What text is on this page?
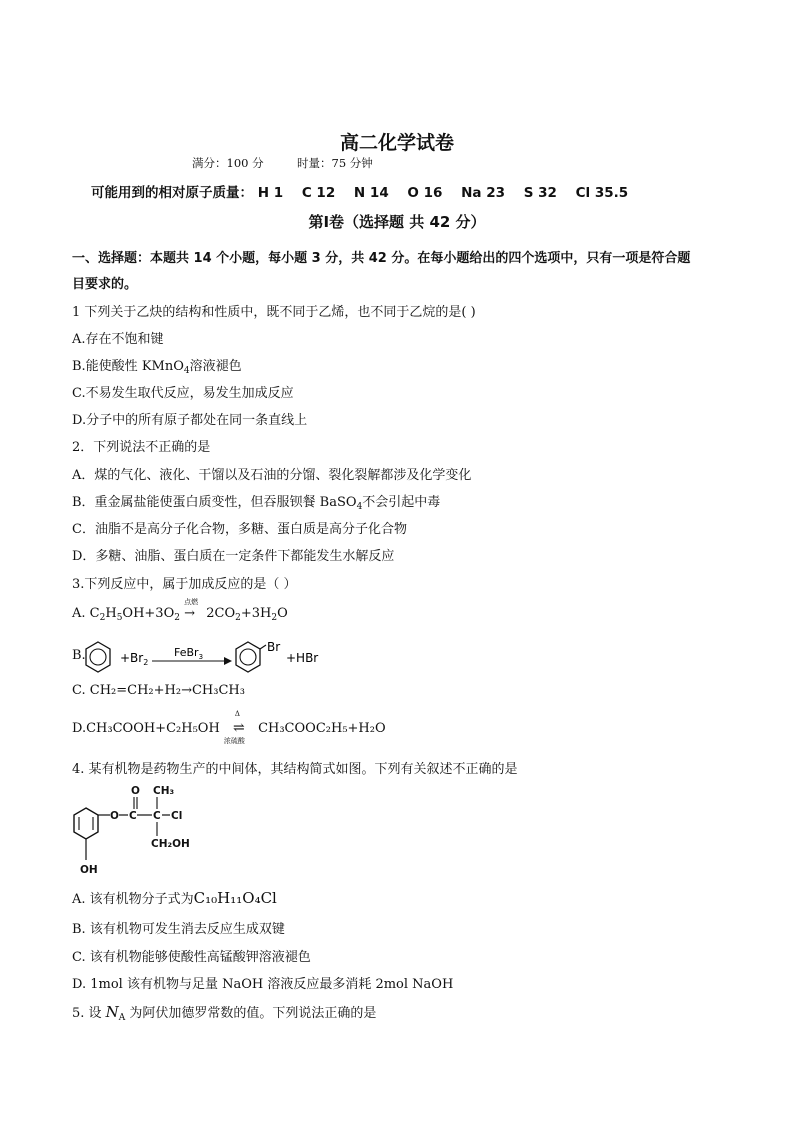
高二化学试卷
满分：100 分	时量：75 分钟
可能用到的相对原子质量： H 1 C 12 N 14 O 16 Na 23 S 32 Cl 35.5
第Ⅰ卷（选择题 共 42 分）
一、选择题：本题共 14 个小题，每小题 3 分，共 42 分。在每小题给出的四个选项中，只有一项是符合题
目要求的。
1 下列关于乙炔的结构和性质中，既不同于乙烯，也不同于乙烷的是( )
A.存在不饱和键
B.能使酸性 KMnO$_4$溶液褪色
C.不易发生取代反应，易发生加成反应
D.分子中的所有原子都处在同一条直线上
2．下列说法不正确的是
A．煤的气化、液化、干馏以及石油的分馏、裂化裂解都涉及化学变化
B．重金属盐能使蛋白质变性，但吞服钡餐 BaSO$_4$不会引起中毒
C．油脂不是高分子化合物，多糖、蛋白质是高分子化合物
D．多糖、油脂、蛋白质在一定条件下都能发生水解反应
3.下列反应中，属于加成反应的是（ ）
A. $C_2H_5OH+3O_2$
点燃
→ $2CO_2+3H_2O$
B.	$+Br_2$
FeBr$_3$
Br
+HBr
C. CH₂=CH₂+H₂→CH₃CH₃
D.CH₃COOH+C₂H₅OH
Δ
⇌
浓硫酸
CH₃COOC₂H₅+H₂O
4. 某有机物是药物生产的中间体，其结构简式如图。下列有关叙述不正确的是
OH
O C
O
C
CH₃
Cl
CH₂OH
A. 该有机物分子式为C₁₀H₁₁O₄Cl
B. 该有机物可发生消去反应生成双键
C. 该有机物能够使酸性高锰酸钾溶液褪色
D. 1mol 该有机物与足量 NaOH 溶液反应最多消耗 2mol NaOH
5. 设 $N_A$ 为阿伏加德罗常数的值。下列说法正确的是
